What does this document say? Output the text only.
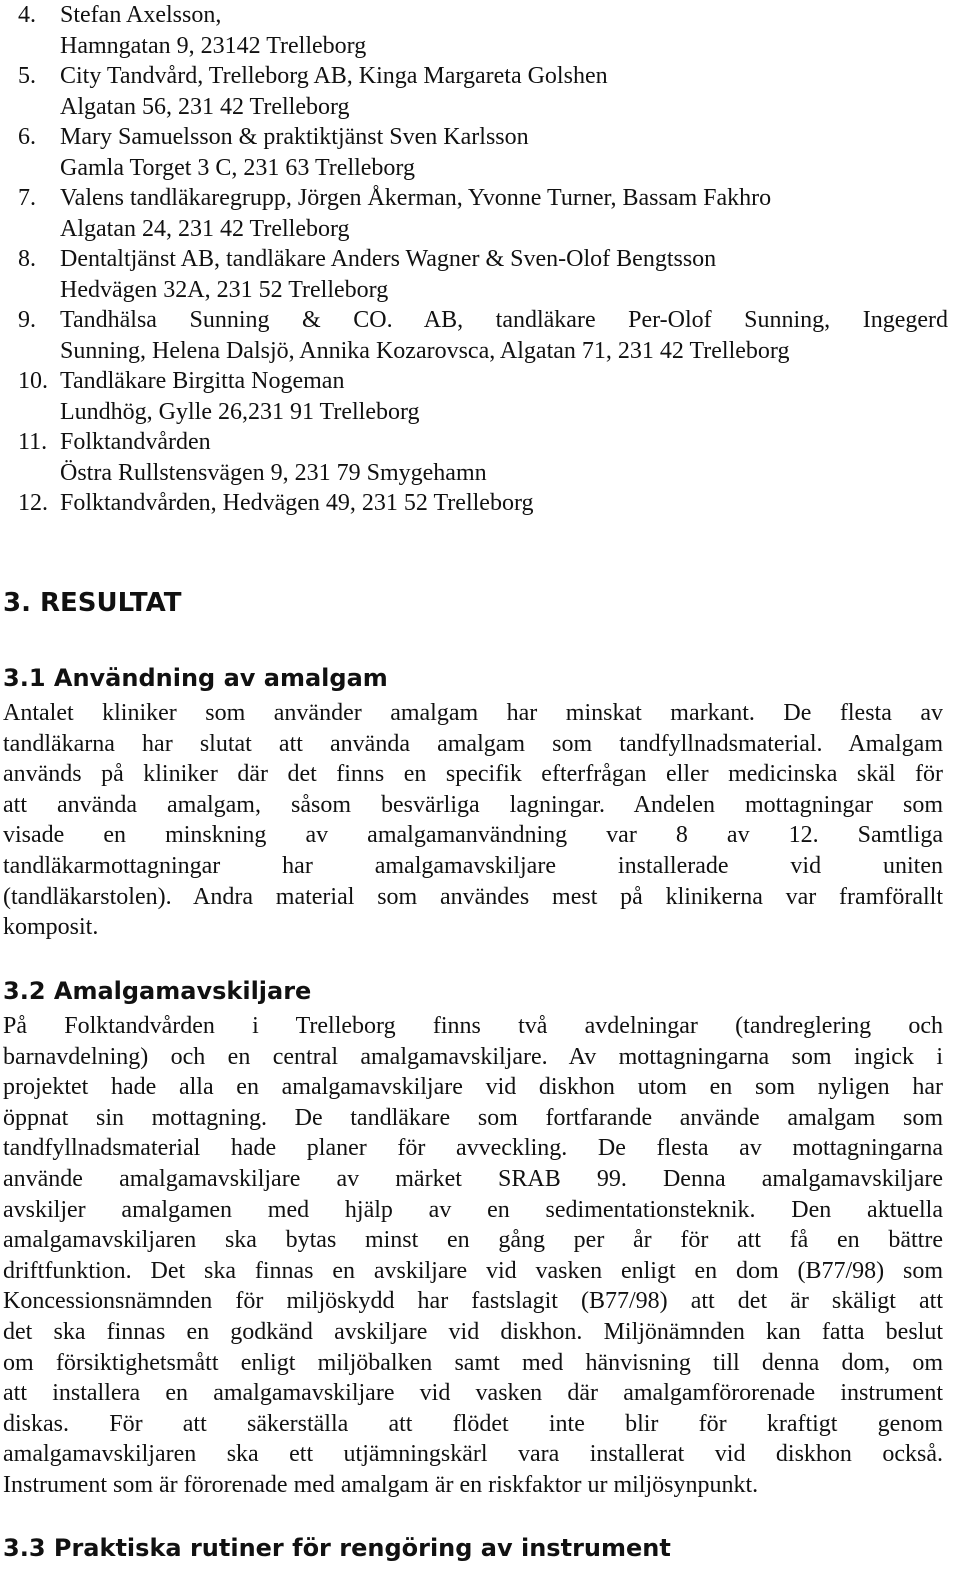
4. Stefan Axelsson,
Hamngatan 9, 23142 Trelleborg
5. City Tandvård, Trelleborg AB, Kinga Margareta Golshen
Algatan 56, 231 42 Trelleborg
6. Mary Samuelsson & praktiktjänst Sven Karlsson
Gamla Torget 3 C, 231 63 Trelleborg
7. Valens tandläkaregrupp, Jörgen Åkerman, Yvonne Turner, Bassam Fakhro
Algatan 24, 231 42 Trelleborg
8. Dentaltjänst AB, tandläkare Anders Wagner & Sven-Olof Bengtsson
Hedvägen 32A, 231 52 Trelleborg
9. Tandhälsa Sunning & CO. AB, tandläkare Per-Olof Sunning, Ingegerd
Sunning, Helena Dalsjö, Annika Kozarovsca, Algatan 71, 231 42 Trelleborg
10. Tandläkare Birgitta Nogeman
Lundhög, Gylle 26,231 91 Trelleborg
11. Folktandvården
Östra Rullstensvägen 9, 231 79 Smygehamn
12. Folktandvården, Hedvägen 49, 231 52 Trelleborg
3. RESULTAT
3.1 Användning av amalgam
Antalet kliniker som använder amalgam har minskat markant. De flesta av
tandläkarna har slutat att använda amalgam som tandfyllnadsmaterial. Amalgam
används på kliniker där det finns en specifik efterfrågan eller medicinska skäl för
att använda amalgam, såsom besvärliga lagningar. Andelen mottagningar som
visade en minskning av amalgamanvändning var 8 av 12. Samtliga
tandläkarmottagningar har amalgamavskiljare installerade vid uniten
(tandläkarstolen). Andra material som användes mest på klinikerna var framförallt
komposit.
3.2 Amalgamavskiljare
På Folktandvården i Trelleborg finns två avdelningar (tandreglering och
barnavdelning) och en central amalgamavskiljare. Av mottagningarna som ingick i
projektet hade alla en amalgamavskiljare vid diskhon utom en som nyligen har
öppnat sin mottagning. De tandläkare som fortfarande använde amalgam som
tandfyllnadsmaterial hade planer för avveckling. De flesta av mottagningarna
använde amalgamavskiljare av märket SRAB 99. Denna amalgamavskiljare
avskiljer amalgamen med hjälp av en sedimentationsteknik. Den aktuella
amalgamavskiljaren ska bytas minst en gång per år för att få en bättre
driftfunktion. Det ska finnas en avskiljare vid vasken enligt en dom (B77/98) som
Koncessionsnämnden för miljöskydd har fastslagit (B77/98) att det är skäligt att
det ska finnas en godkänd avskiljare vid diskhon. Miljönämnden kan fatta beslut
om försiktighetsmått enligt miljöbalken samt med hänvisning till denna dom, om
att installera en amalgamavskiljare vid vasken där amalgamförorenade instrument
diskas. För att säkerställa att flödet inte blir för kraftigt genom
amalgamavskiljaren ska ett utjämningskärl vara installerat vid diskhon också.
Instrument som är förorenade med amalgam är en riskfaktor ur miljösynpunkt.
3.3 Praktiska rutiner för rengöring av instrument
